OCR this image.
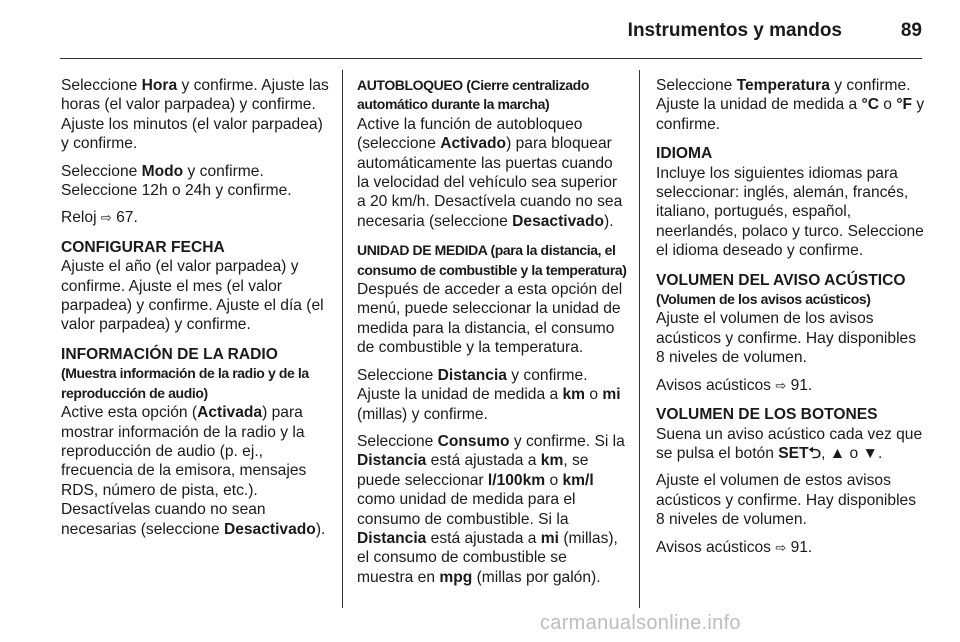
Instrumentos y mandos	89

Seleccione Hora y confirme. Ajuste las horas (el valor parpadea) y confirme. Ajuste los minutos (el valor parpadea) y confirme.

Seleccione Modo y confirme. Seleccione 12h o 24h y confirme.

Reloj ⇨ 67.

CONFIGURAR FECHA

Ajuste el año (el valor parpadea) y confirme. Ajuste el mes (el valor parpadea) y confirme. Ajuste el día (el valor parpadea) y confirme.

INFORMACIÓN DE LA RADIO
(Muestra información de la radio y de la reproducción de audio)

Active esta opción (Activada) para mostrar información de la radio y la reproducción de audio (p. ej., frecuencia de la emisora, mensajes RDS, número de pista, etc.). Desactívelas cuando no sean necesarias (seleccione Desactivado).

AUTOBLOQUEO (Cierre centralizado automático durante la marcha)

Active la función de autobloqueo (seleccione Activado) para bloquear automáticamente las puertas cuando la velocidad del vehículo sea superior a 20 km/h. Desactívela cuando no sea necesaria (seleccione Desactivado).

UNIDAD DE MEDIDA (para la distancia, el consumo de combustible y la temperatura)

Después de acceder a esta opción del menú, puede seleccionar la unidad de medida para la distancia, el consumo de combustible y la temperatura.

Seleccione Distancia y confirme. Ajuste la unidad de medida a km o mi (millas) y confirme.

Seleccione Consumo y confirme. Si la Distancia está ajustada a km, se puede seleccionar l/100km o km/l como unidad de medida para el consumo de combustible. Si la Distancia está ajustada a mi (millas), el consumo de combustible se muestra en mpg (millas por galón).

Seleccione Temperatura y confirme. Ajuste la unidad de medida a °C o °F y confirme.

IDIOMA

Incluye los siguientes idiomas para seleccionar: inglés, alemán, francés, italiano, portugués, español, neerlandés, polaco y turco. Seleccione el idioma deseado y confirme.

VOLUMEN DEL AVISO ACÚSTICO
(Volumen de los avisos acústicos)

Ajuste el volumen de los avisos acústicos y confirme. Hay disponibles 8 niveles de volumen.

Avisos acústicos ⇨ 91.

VOLUMEN DE LOS BOTONES

Suena un aviso acústico cada vez que se pulsa el botón SET⮌, ▲ o ▼.

Ajuste el volumen de estos avisos acústicos y confirme. Hay disponibles 8 niveles de volumen.

Avisos acústicos ⇨ 91.

carmanualsonline.info
